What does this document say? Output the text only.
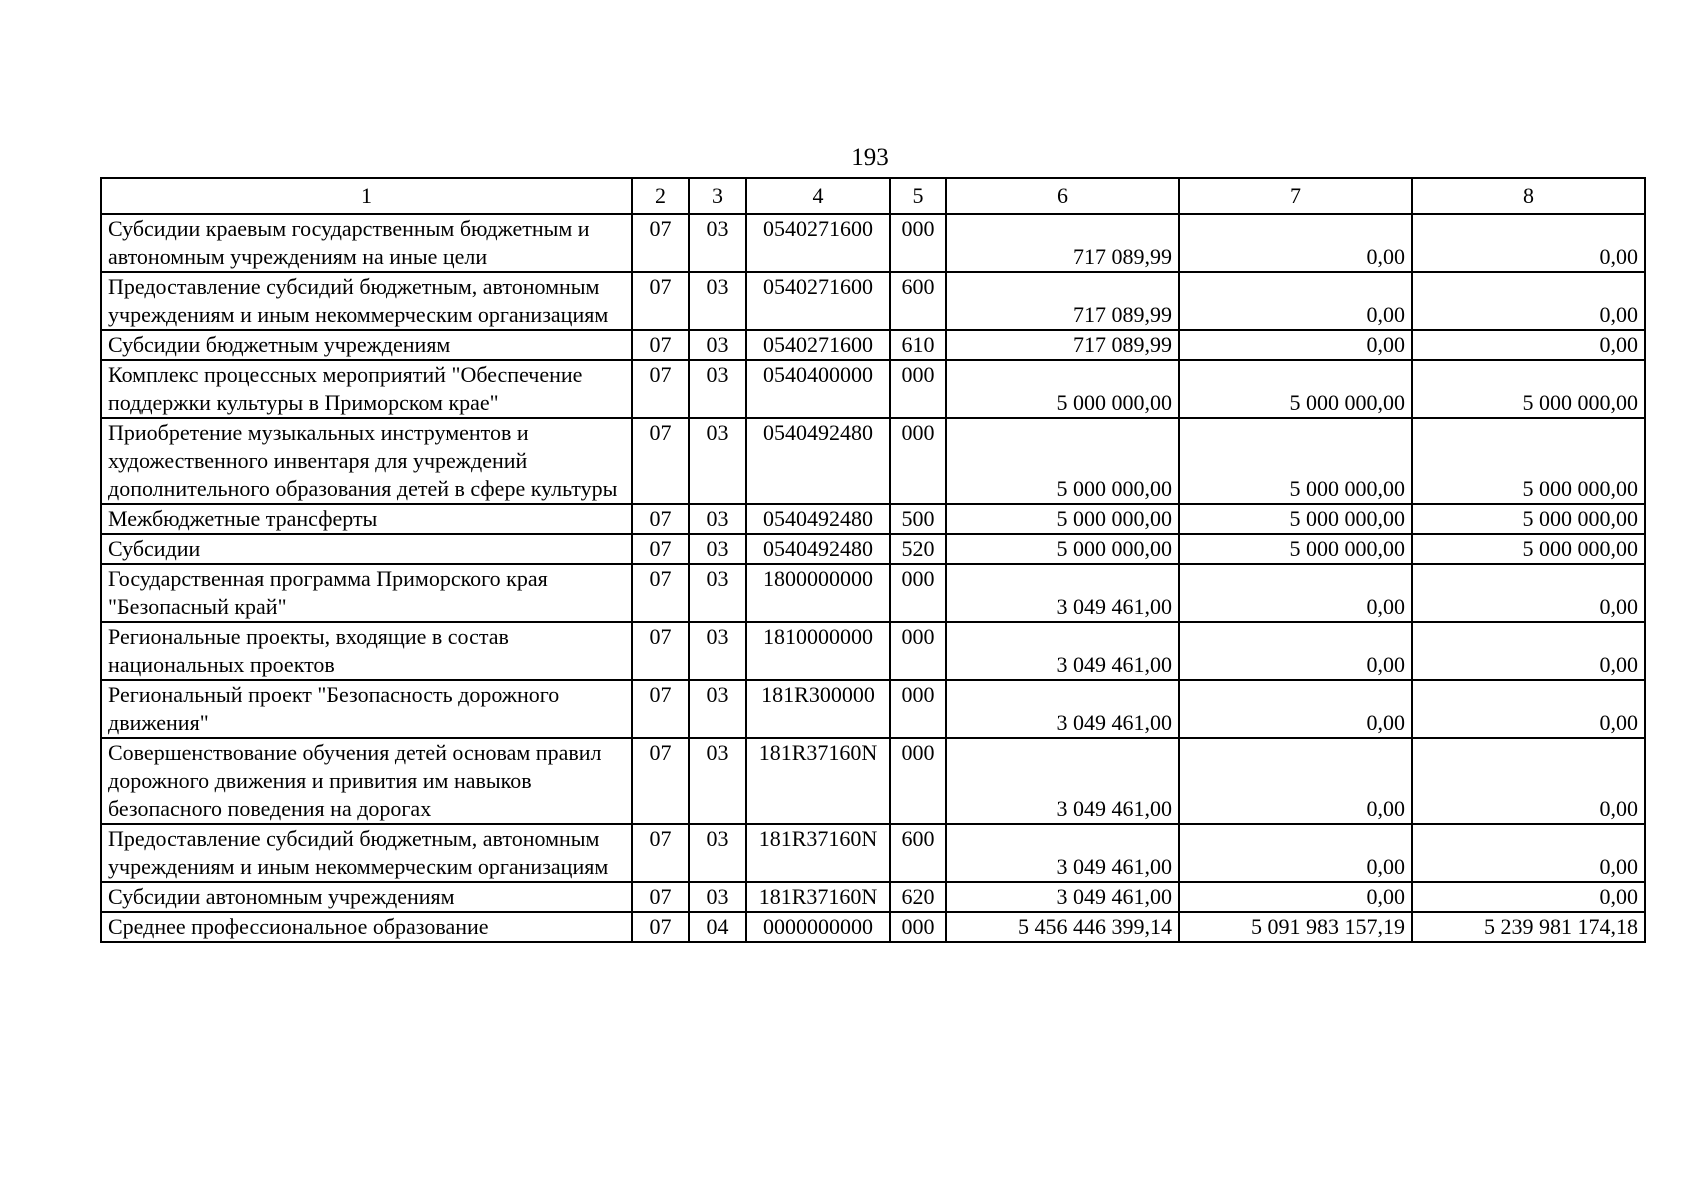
193
1	2	3	4	5	6	7	8
Субсидии краевым государственным бюджетным и автономным учреждениям на иные цели	07	03	0540271600	000	717 089,99	0,00	0,00
Предоставление субсидий бюджетным, автономным учреждениям и иным некоммерческим организациям	07	03	0540271600	600	717 089,99	0,00	0,00
Субсидии бюджетным учреждениям	07	03	0540271600	610	717 089,99	0,00	0,00
Комплекс процессных мероприятий "Обеспечение поддержки культуры в Приморском крае"	07	03	0540400000	000	5 000 000,00	5 000 000,00	5 000 000,00
Приобретение музыкальных инструментов и художественного инвентаря для учреждений дополнительного образования детей в сфере культуры	07	03	0540492480	000	5 000 000,00	5 000 000,00	5 000 000,00
Межбюджетные трансферты	07	03	0540492480	500	5 000 000,00	5 000 000,00	5 000 000,00
Субсидии	07	03	0540492480	520	5 000 000,00	5 000 000,00	5 000 000,00
Государственная программа Приморского края "Безопасный край"	07	03	1800000000	000	3 049 461,00	0,00	0,00
Региональные проекты, входящие в состав национальных проектов	07	03	1810000000	000	3 049 461,00	0,00	0,00
Региональный проект "Безопасность дорожного движения"	07	03	181R300000	000	3 049 461,00	0,00	0,00
Совершенствование обучения детей основам правил дорожного движения и привития им навыков безопасного поведения на дорогах	07	03	181R37160N	000	3 049 461,00	0,00	0,00
Предоставление субсидий бюджетным, автономным учреждениям и иным некоммерческим организациям	07	03	181R37160N	600	3 049 461,00	0,00	0,00
Субсидии автономным учреждениям	07	03	181R37160N	620	3 049 461,00	0,00	0,00
Среднее профессиональное образование	07	04	0000000000	000	5 456 446 399,14	5 091 983 157,19	5 239 981 174,18
